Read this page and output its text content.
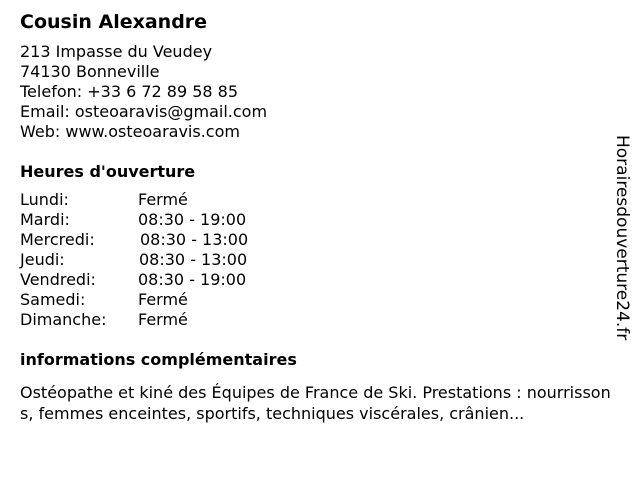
Cousin Alexandre
213 Impasse du Veudey
74130 Bonneville
Telefon: +33 6 72 89 58 85
Email: osteoaravis@gmail.com
Web: www.osteoaravis.com
Heures d'ouverture
Lundi:	Fermé
Mardi:	08:30 - 19:00
Mercredi:	08:30 - 13:00
Jeudi:	08:30 - 13:00
Vendredi:	08:30 - 19:00
Samedi:	Fermé
Dimanche:	Fermé
informations complémentaires
Ostéopathe et kiné des Équipes de France de Ski. Prestations : nourrissons, femmes enceintes, sportifs, techniques viscérales, crânien...
Horairesdouverture24.fr
